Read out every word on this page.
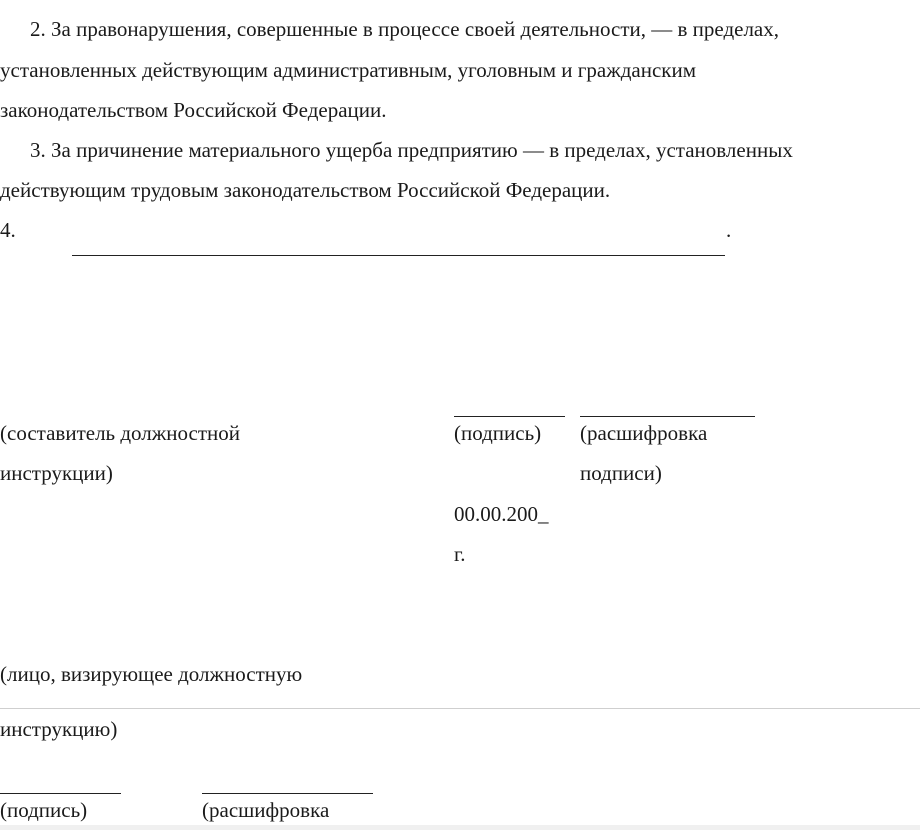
2. За правонарушения, совершенные в процессе своей деятельности, — в пределах,
установленных действующим административным, уголовным и гражданским
законодательством Российской Федерации.
3. За причинение материального ущерба предприятию — в пределах, установленных
действующим трудовым законодательством Российской Федерации.
4.	.
(составитель должностной
инструкции)
(подпись) (расшифровка
подписи)
00.00.200_
г.
(лицо, визирующее должностную
инструкцию)
(подпись)	(расшифровка
